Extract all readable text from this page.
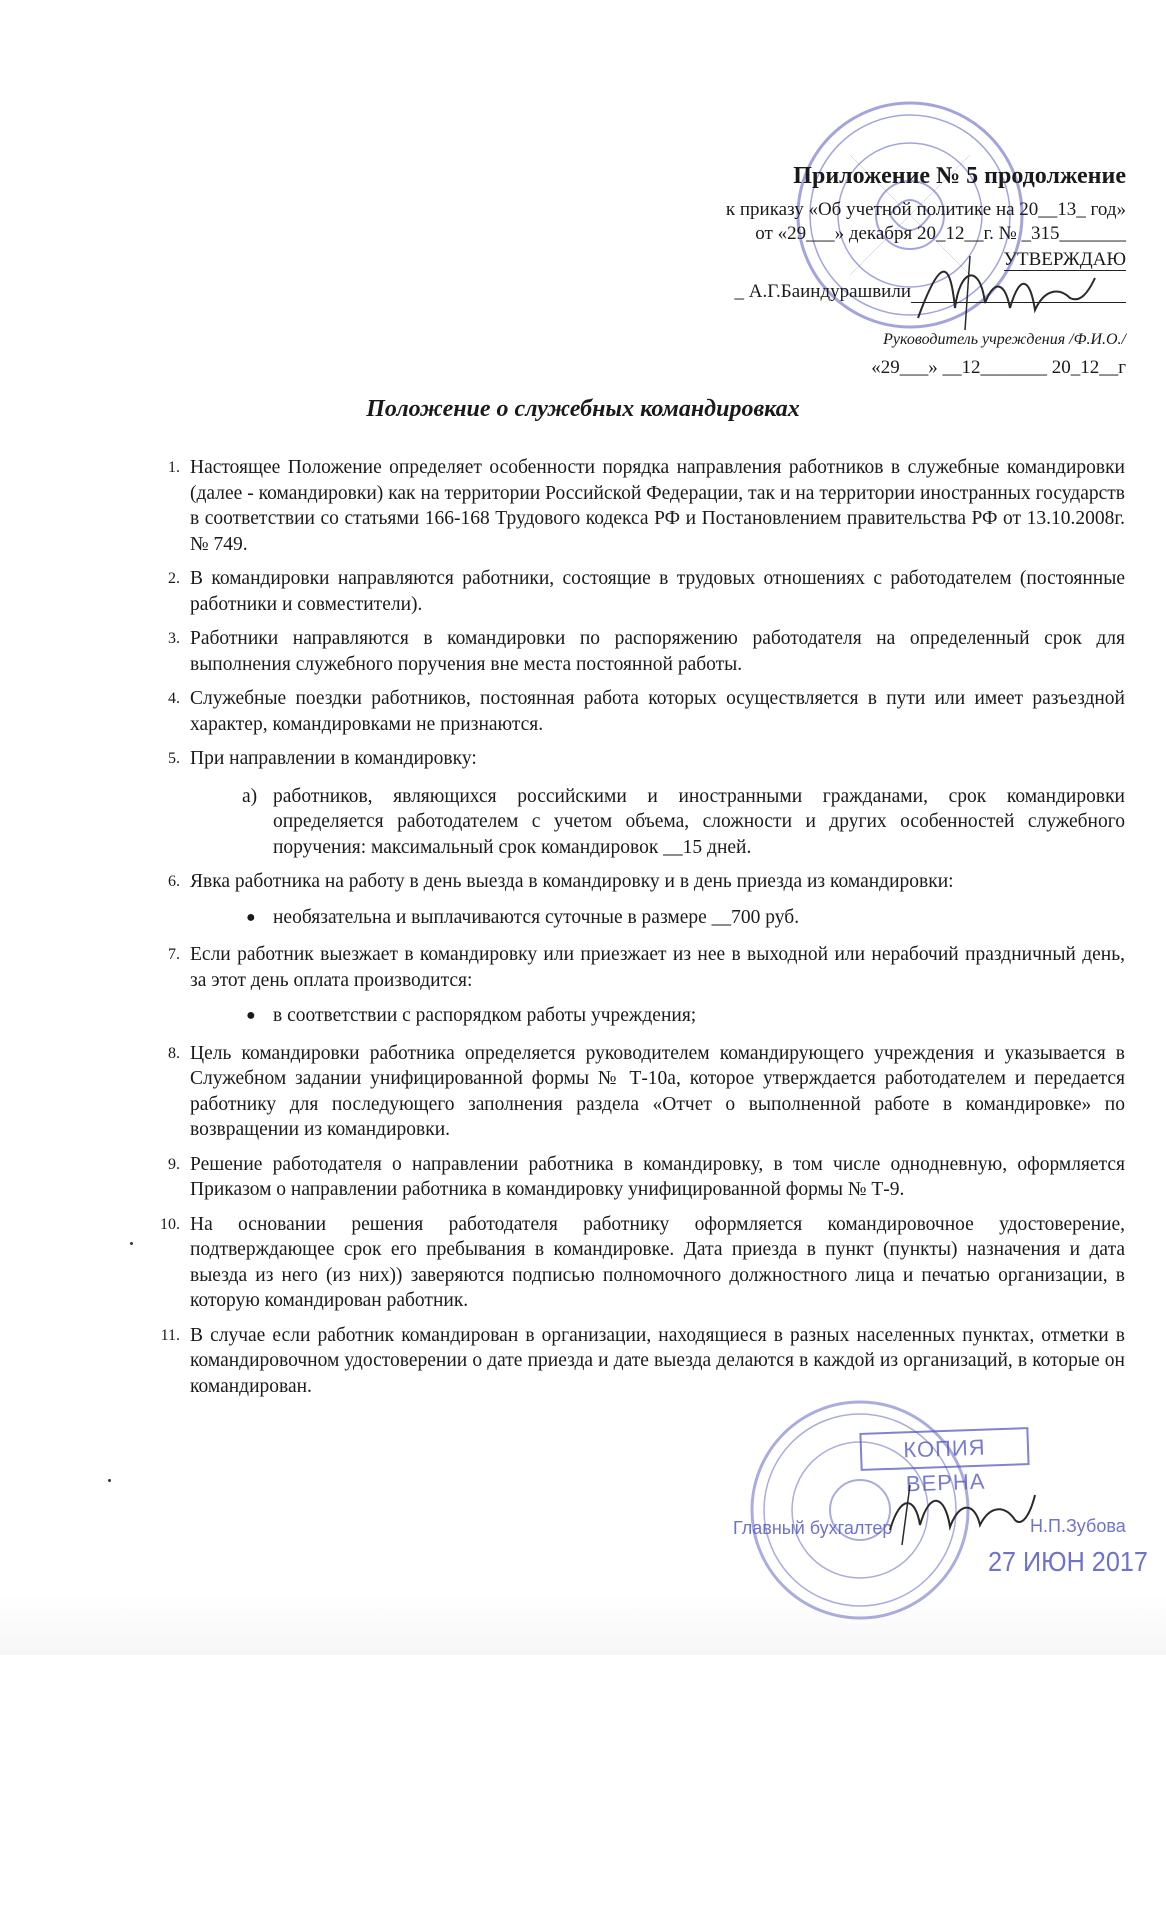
Приложение № 5 продолжение
к приказу «Об учетной политике на 20__13_ год»
от «29___» декабря 20_12__г. № _315_______
УТВЕРЖДАЮ
_ А.Г.Баиндурашвили
Руководитель учреждения /Ф.И.О./
«29___» __12_______ 20_12__г
Положение о служебных командировках
1. Настоящее Положение определяет особенности порядка направления работников в служебные командировки (далее - командировки) как на территории Российской Федерации, так и на территории иностранных государств в соответствии со статьями 166-168 Трудового кодекса РФ и Постановлением правительства РФ от 13.10.2008г. № 749.
2. В командировки направляются работники, состоящие в трудовых отношениях с работодателем (постоянные работники и совместители).
3. Работники направляются в командировки по распоряжению работодателя на определенный срок для выполнения служебного поручения вне места постоянной работы.
4. Служебные поездки работников, постоянная работа которых осуществляется в пути или имеет разъездной характер, командировками не признаются.
5. При направлении в командировку:
а) работников, являющихся российскими и иностранными гражданами, срок командировки определяется работодателем с учетом объема, сложности и других особенностей служебного поручения: максимальный срок командировок __15 дней.
6. Явка работника на работу в день выезда в командировку и в день приезда из командировки:
● необязательна и выплачиваются суточные в размере __700 руб.
7. Если работник выезжает в командировку или приезжает из нее в выходной или нерабочий праздничный день, за этот день оплата производится:
● в соответствии с распорядком работы учреждения;
8. Цель командировки работника определяется руководителем командирующего учреждения и указывается в Служебном задании унифицированной формы № Т-10а, которое утверждается работодателем и передается работнику для последующего заполнения раздела «Отчет о выполненной работе в командировке» по возвращении из командировки.
9. Решение работодателя о направлении работника в командировку, в том числе однодневную, оформляется Приказом о направлении работника в командировку унифицированной формы № Т-9.
10. На основании решения работодателя работнику оформляется командировочное удостоверение, подтверждающее срок его пребывания в командировке. Дата приезда в пункт (пункты) назначения и дата выезда из него (из них)) заверяются подписью полномочного должностного лица и печатью организации, в которую командирован работник.
11. В случае если работник командирован в организации, находящиеся в разных населенных пунктах, отметки в командировочном удостоверении о дате приезда и дате выезда делаются в каждой из организаций, в которые он командирован.
КОПИЯ ВЕРНА
Главный бухгалтер	Н.П.Зубова
27 ИЮН 2017
